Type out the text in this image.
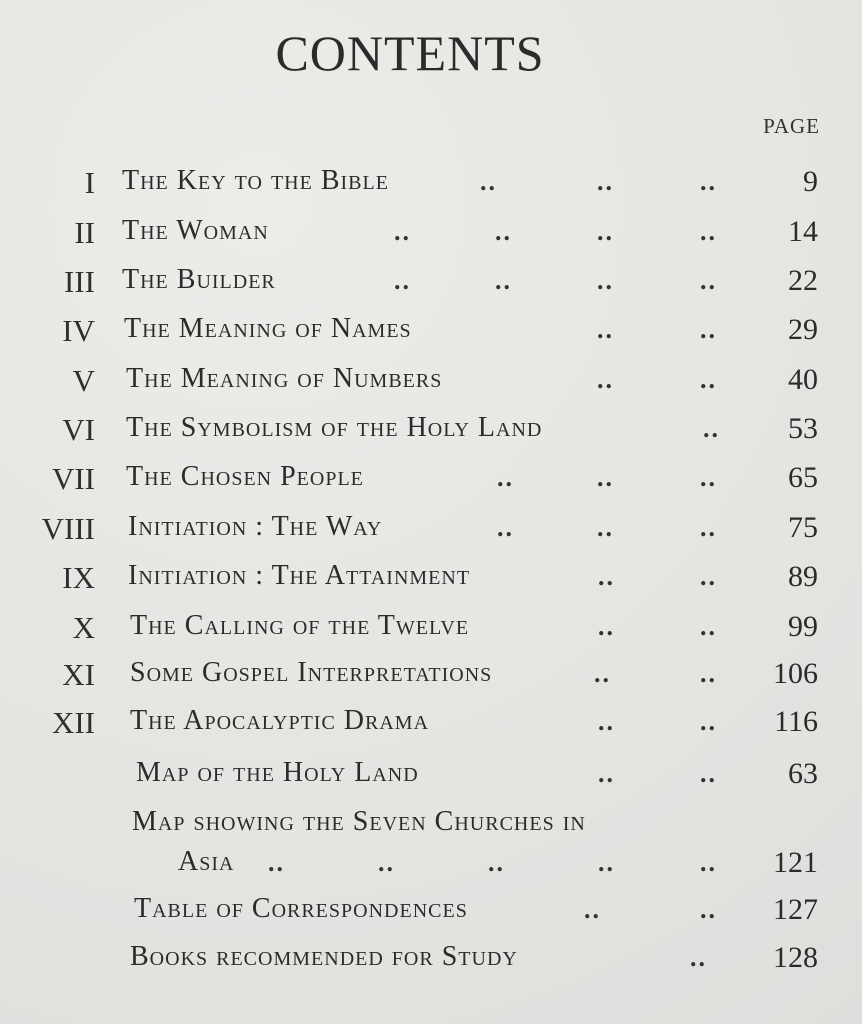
CONTENTS
PAGE
I The Key to the Bible	..	..	..	9
II The Woman	..	..	..	.. 14
III The Builder	..	..	..	.. 22
IV The Meaning of Names	..	.. 29
V The Meaning of Numbers	..	.. 40
VI The Symbolism of the Holy Land	.. 53
VII The Chosen People	..	..	.. 65
VIII Initiation : The Way	..	..	.. 75
IX Initiation : The Attainment	..	.. 89
X The Calling of the Twelve	..	.. 99
XI Some Gospel Interpretations	..	.. 106
XII The Apocalyptic Drama	..	.. 116
Map of the Holy Land	..	.. 63
Map showing the Seven Churches in
Asia ..	..	..	..	.. 121
Table of Correspondences	..	.. 127
Books recommended for Study	.. 128
